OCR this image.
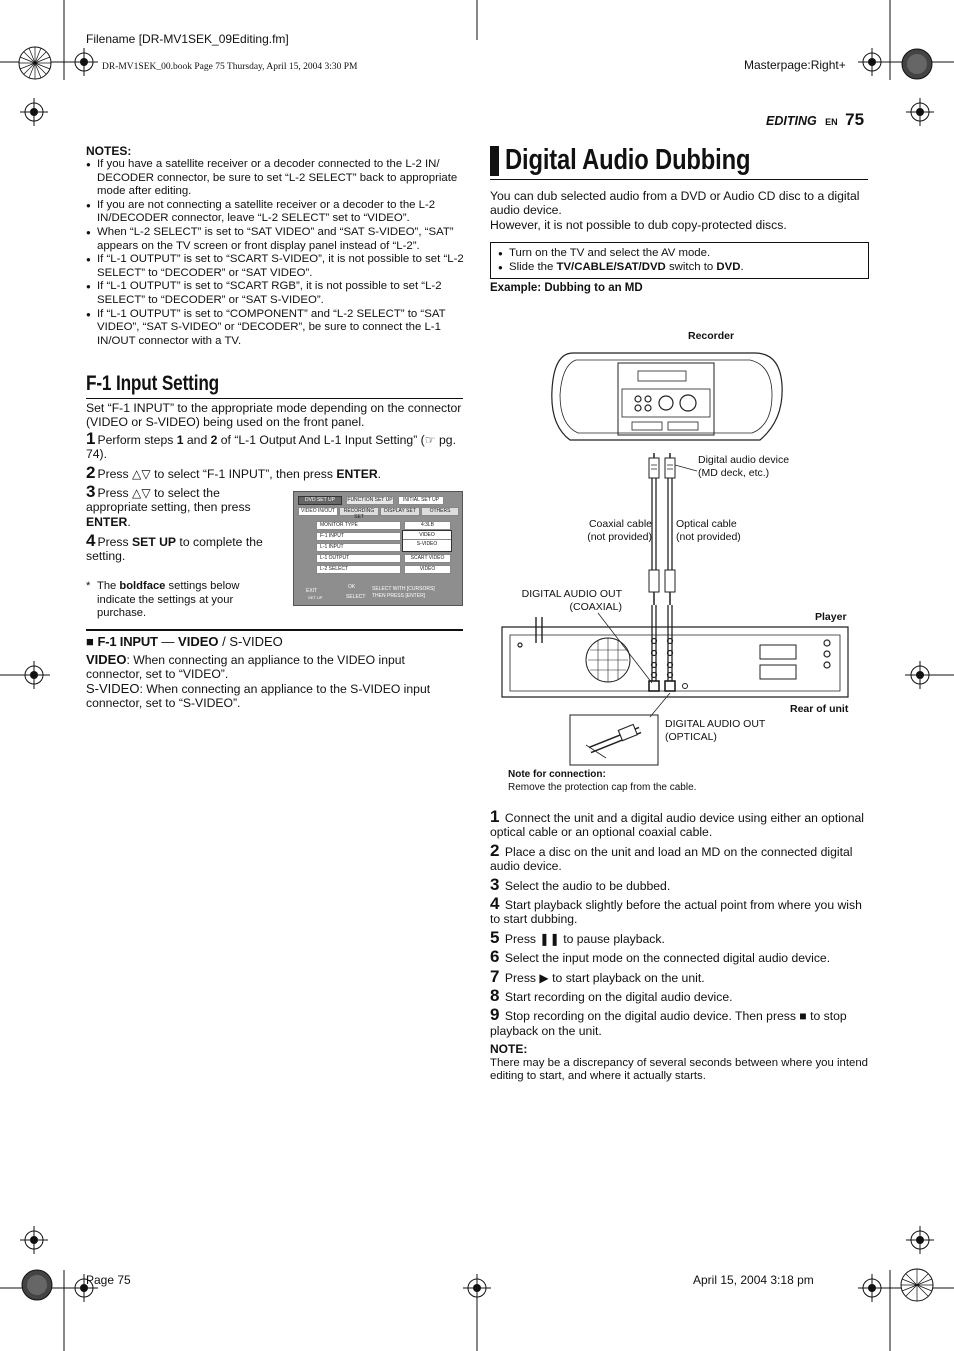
Filename [DR-MV1SEK_09Editing.fm]
DR-MV1SEK_00.book Page 75 Thursday, April 15, 2004 3:30 PM	Masterpage:Right+
EDITING EN 75
NOTES:
● If you have a satellite receiver or a decoder connected to the L-2 IN/ DECODER connector, be sure to set “L-2 SELECT” back to appropriate mode after editing.
● If you are not connecting a satellite receiver or a decoder to the L-2 IN/DECODER connector, leave “L-2 SELECT” set to “VIDEO”.
● When “L-2 SELECT” is set to “SAT VIDEO” and “SAT S-VIDEO”, “SAT” appears on the TV screen or front display panel instead of “L-2”.
● If “L-1 OUTPUT” is set to “SCART S-VIDEO”, it is not possible to set “L-2 SELECT” to “DECODER” or “SAT VIDEO”.
● If “L-1 OUTPUT” is set to “SCART RGB”, it is not possible to set “L-2 SELECT” to “DECODER” or “SAT S-VIDEO”.
● If “L-1 OUTPUT” is set to “COMPONENT” and “L-2 SELECT” to “SAT VIDEO”, “SAT S-VIDEO” or “DECODER”, be sure to connect the L-1 IN/OUT connector with a TV.
F-1 Input Setting
Set “F-1 INPUT” to the appropriate mode depending on the connector (VIDEO or S-VIDEO) being used on the front panel.
1 Perform steps 1 and 2 of “L-1 Output And L-1 Input Setting” (☞ pg. 74).
2 Press △▽ to select “F-1 INPUT”, then press ENTER.
3 Press △▽ to select the appropriate setting, then press ENTER.
4 Press SET UP to complete the setting.
* The boldface settings below indicate the settings at your purchase.
DVD SET UP	FUNCTION SET UP	INITIAL SET UP
VIDEO IN/OUT	RECORDING SET
DISPLAY SET	OTHERS
MONITOR TYPE	4:3LB
F-1 INPUT
L-1 INPUT
L-1 OUTPUT	SCART VIDEO
L-2 SELECT	VIDEO
VIDEO
S-VIDEO
EXIT
SET UP
OK
SELECT
SELECT WITH [CURSORS]
THEN PRESS [ENTER]
■ F-1 INPUT — VIDEO / S-VIDEO
VIDEO: When connecting an appliance to the VIDEO input connector, set to “VIDEO”.
S-VIDEO: When connecting an appliance to the S-VIDEO input connector, set to “S-VIDEO”.
Digital Audio Dubbing
You can dub selected audio from a DVD or Audio CD disc to a digital audio device.
However, it is not possible to dub copy-protected discs.
● Turn on the TV and select the AV mode.
● Slide the TV/CABLE/SAT/DVD switch to DVD.
Example: Dubbing to an MD
Recorder
Digital audio device
(MD deck, etc.)
Coaxial cable
(not provided)
Optical cable
(not provided)
DIGITAL AUDIO OUT
(COAXIAL)
Player
Rear of unit
DIGITAL AUDIO OUT
(OPTICAL)
Note for connection:
Remove the protection cap from the cable.
1 Connect the unit and a digital audio device using either an optional optical cable or an optional coaxial cable.
2 Place a disc on the unit and load an MD on the connected digital audio device.
3 Select the audio to be dubbed.
4 Start playback slightly before the actual point from where you wish to start dubbing.
5 Press ❚❚ to pause playback.
6 Select the input mode on the connected digital audio device.
7 Press ▶ to start playback on the unit.
8 Start recording on the digital audio device.
9 Stop recording on the digital audio device. Then press ■ to stop playback on the unit.
NOTE:
There may be a discrepancy of several seconds between where you intend editing to start, and where it actually starts.
Page 75	April 15, 2004 3:18 pm
